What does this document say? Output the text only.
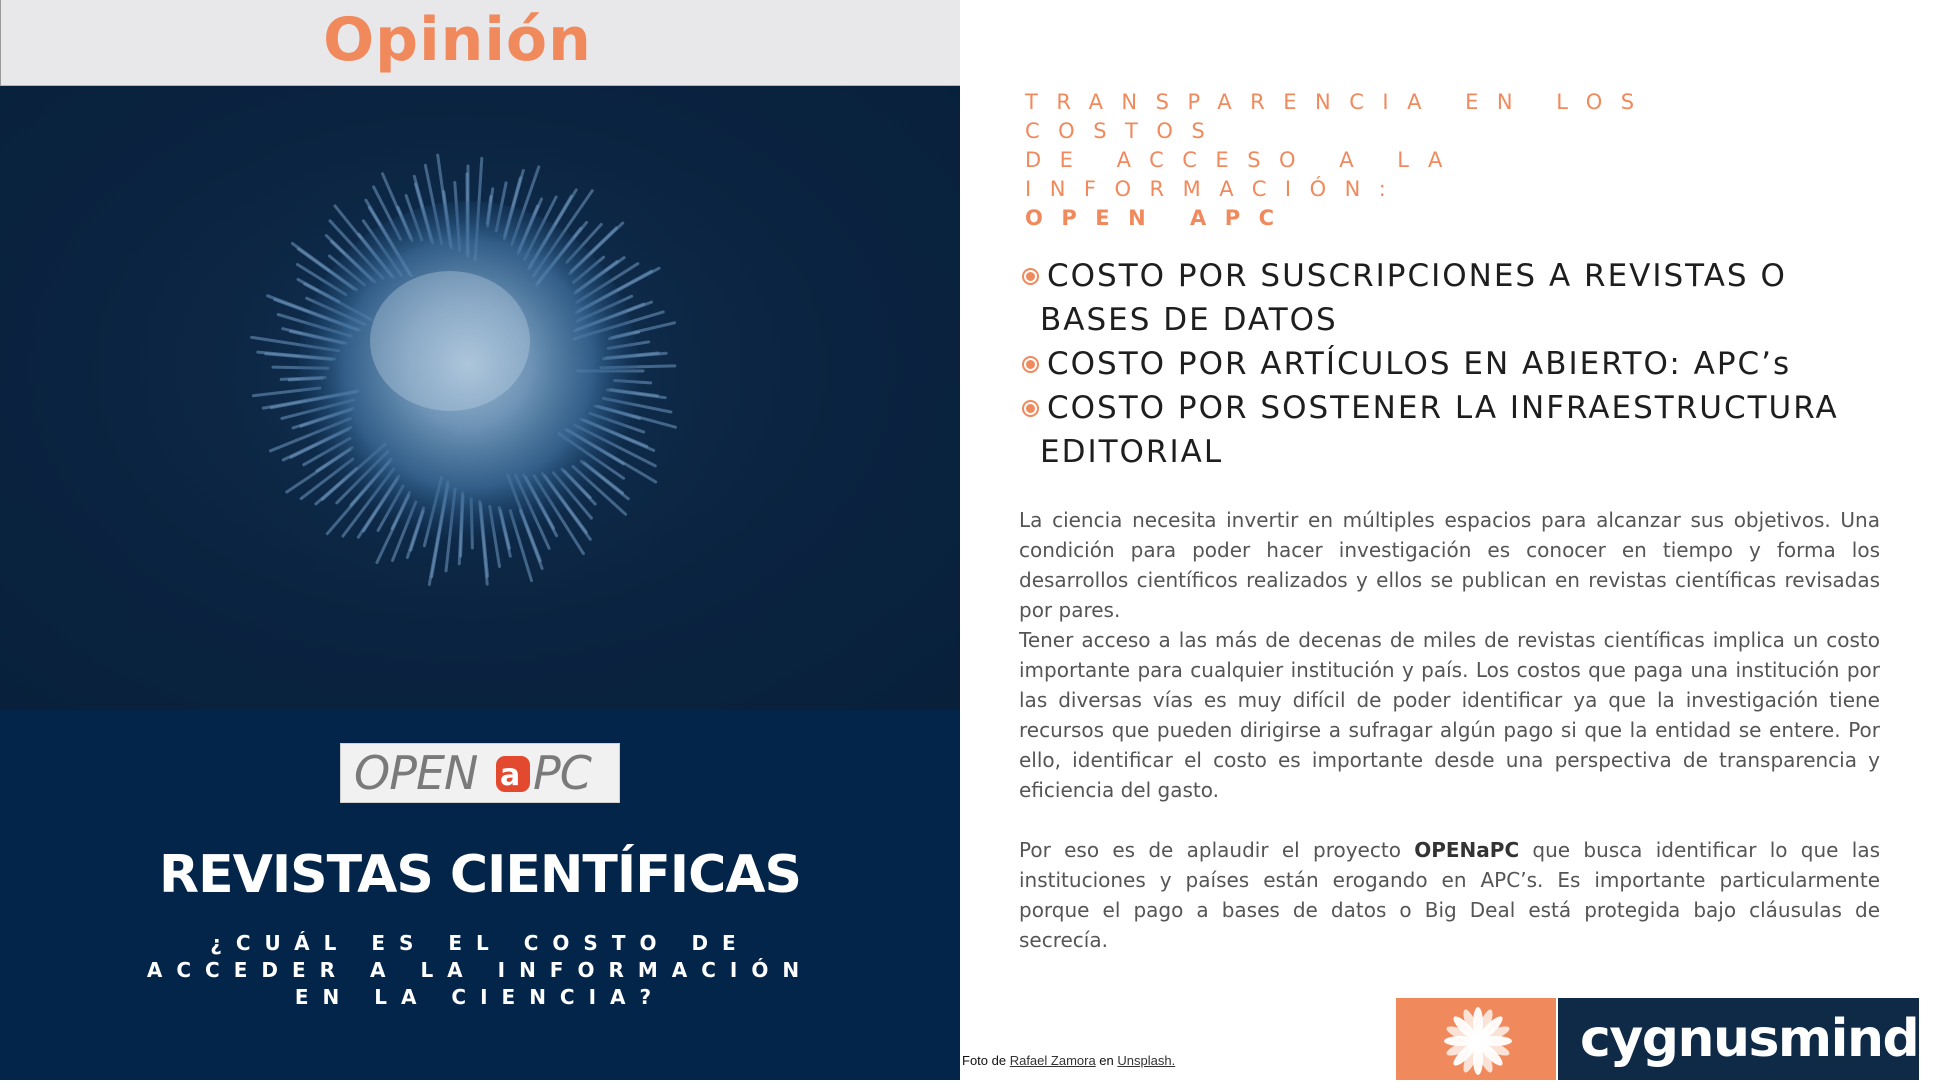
Opinión
OPEN a PC
REVISTAS CIENTÍFICAS
¿CUÁL ES EL COSTO DE
ACCEDER A LA INFORMACIÓN
EN LA CIENCIA?
TRANSPARENCIA EN LOS COSTOS
DE ACCESO A LA INFORMACIÓN:
OPEN APC
COSTO POR SUSCRIPCIONES A REVISTAS O
BASES DE DATOS
COSTO POR ARTÍCULOS EN ABIERTO: APC’s
COSTO POR SOSTENER LA INFRAESTRUCTURA
EDITORIAL

La ciencia necesita invertir en múltiples espacios para alcanzar sus objetivos. Una condición para poder hacer investigación es conocer en tiempo y forma los desarrollos científicos realizados y ellos se publican en revistas científicas revisadas por pares.

Tener acceso a las más de decenas de miles de revistas científicas implica un costo importante para cualquier institución y país. Los costos que paga una institución por las diversas vías es muy difícil de poder identificar ya que la investigación tiene recursos que pueden dirigirse a sufragar algún pago si que la entidad se entere. Por ello, identificar el costo es importante desde una perspectiva de transparencia y eficiencia del gasto.

Por eso es de aplaudir el proyecto OPENaPC que busca identificar lo que las instituciones y países están erogando en APC’s. Es importante particularmente porque el pago a bases de datos o Big Deal está protegida bajo cláusulas de secrecía.

Foto de Rafael Zamora en Unsplash.	cygnusmind ®
